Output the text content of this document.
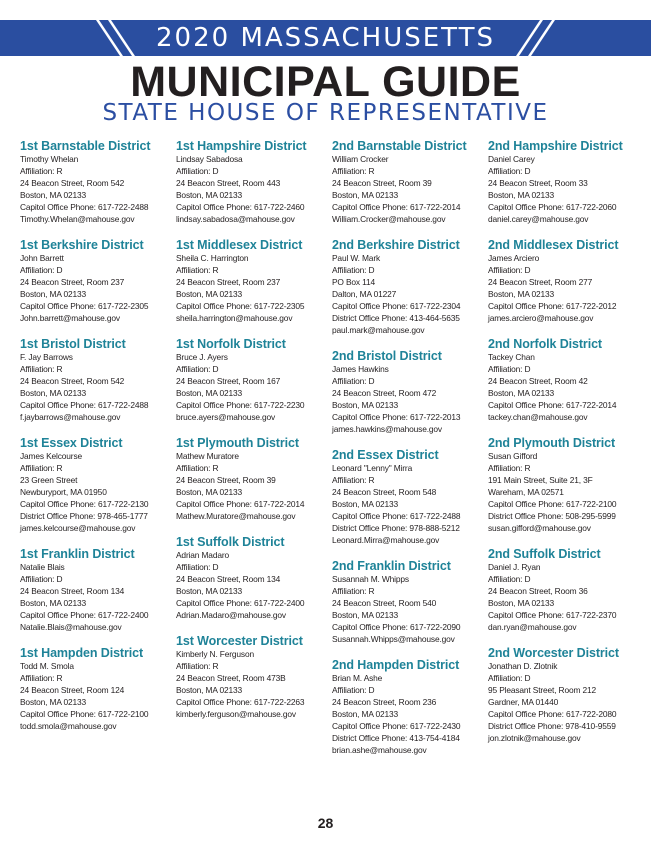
2020 MASSACHUSETTS
MUNICIPAL GUIDE
STATE HOUSE OF REPRESENTATIVE
1st Barnstable District
Timothy Whelan
Affiliation: R
24 Beacon Street, Room 542
Boston, MA 02133
Capitol Office Phone: 617-722-2488
Timothy.Whelan@mahouse.gov
1st Berkshire District
John Barrett
Affiliation: D
24 Beacon Street, Room 237
Boston, MA 02133
Capitol Office Phone: 617-722-2305
John.barrett@mahouse.gov
1st Bristol District
F. Jay Barrows
Affiliation: R
24 Beacon Street, Room 542
Boston, MA 02133
Capitol Office Phone: 617-722-2488
f.jaybarrows@mahouse.gov
1st Essex District
James Kelcourse
Affiliation: R
23 Green Street
Newburyport, MA 01950
Capitol Office Phone: 617-722-2130
District Office Phone: 978-465-1777
james.kelcourse@mahouse.gov
1st Franklin District
Natalie Blais
Affiliation: D
24 Beacon Street, Room 134
Boston, MA 02133
Capitol Office Phone: 617-722-2400
Natalie.Blais@mahouse.gov
1st Hampden District
Todd M. Smola
Affiliation: R
24 Beacon Street, Room 124
Boston, MA 02133
Capitol Office Phone: 617-722-2100
todd.smola@mahouse.gov
1st Hampshire District
Lindsay Sabadosa
Affiliation: D
24 Beacon Street, Room 443
Boston, MA 02133
Capitol Office Phone: 617-722-2460
lindsay.sabadosa@mahouse.gov
1st Middlesex District
Sheila C. Harrington
Affiliation: R
24 Beacon Street, Room 237
Boston, MA 02133
Capitol Office Phone: 617-722-2305
sheila.harrington@mahouse.gov
1st Norfolk District
Bruce J. Ayers
Affiliation: D
24 Beacon Street, Room 167
Boston, MA 02133
Capitol Office Phone: 617-722-2230
bruce.ayers@mahouse.gov
1st Plymouth District
Mathew Muratore
Affiliation: R
24 Beacon Street, Room 39
Boston, MA 02133
Capitol Office Phone: 617-722-2014
Mathew.Muratore@mahouse.gov
1st Suffolk District
Adrian Madaro
Affiliation: D
24 Beacon Street, Room 134
Boston, MA 02133
Capitol Office Phone: 617-722-2400
Adrian.Madaro@mahouse.gov
1st Worcester District
Kimberly N. Ferguson
Affiliation: R
24 Beacon Street, Room 473B
Boston, MA 02133
Capitol Office Phone: 617-722-2263
kimberly.ferguson@mahouse.gov
2nd Barnstable District
William Crocker
Affiliation: R
24 Beacon Street, Room 39
Boston, MA 02133
Capitol Office Phone: 617-722-2014
William.Crocker@mahouse.gov
2nd Berkshire District
Paul W. Mark
Affiliation: D
PO Box 114
Dalton, MA 01227
Capitol Office Phone: 617-722-2304
District Office Phone: 413-464-5635
paul.mark@mahouse.gov
2nd Bristol District
James Hawkins
Affiliation: D
24 Beacon Street, Room 472
Boston, MA 02133
Capitol Office Phone: 617-722-2013
james.hawkins@mahouse.gov
2nd Essex District
Leonard "Lenny" Mirra
Affiliation: R
24 Beacon Street, Room 548
Boston, MA 02133
Capitol Office Phone: 617-722-2488
District Office Phone: 978-888-5212
Leonard.Mirra@mahouse.gov
2nd Franklin District
Susannah M. Whipps
Affiliation: R
24 Beacon Street, Room 540
Boston, MA 02133
Capitol Office Phone: 617-722-2090
Susannah.Whipps@mahouse.gov
2nd Hampden District
Brian M. Ashe
Affiliation: D
24 Beacon Street, Room 236
Boston, MA 02133
Capitol Office Phone: 617-722-2430
District Office Phone: 413-754-4184
brian.ashe@mahouse.gov
2nd Hampshire District
Daniel Carey
Affiliation: D
24 Beacon Street, Room 33
Boston, MA 02133
Capitol Office Phone: 617-722-2060
daniel.carey@mahouse.gov
2nd Middlesex District
James Arciero
Affiliation: D
24 Beacon Street, Room 277
Boston, MA 02133
Capitol Office Phone: 617-722-2012
james.arciero@mahouse.gov
2nd Norfolk District
Tackey Chan
Affiliation: D
24 Beacon Street, Room 42
Boston, MA 02133
Capitol Office Phone: 617-722-2014
tackey.chan@mahouse.gov
2nd Plymouth District
Susan Gifford
Affiliation: R
191 Main Street, Suite 21, 3F
Wareham, MA 02571
Capitol Office Phone: 617-722-2100
District Office Phone: 508-295-5999
susan.gifford@mahouse.gov
2nd Suffolk District
Daniel J. Ryan
Affiliation: D
24 Beacon Street, Room 36
Boston, MA 02133
Capitol Office Phone: 617-722-2370
dan.ryan@mahouse.gov
2nd Worcester District
Jonathan D. Zlotnik
Affiliation: D
95 Pleasant Street, Room 212
Gardner, MA 01440
Capitol Office Phone: 617-722-2080
District Office Phone: 978-410-9559
jon.zlotnik@mahouse.gov
28
